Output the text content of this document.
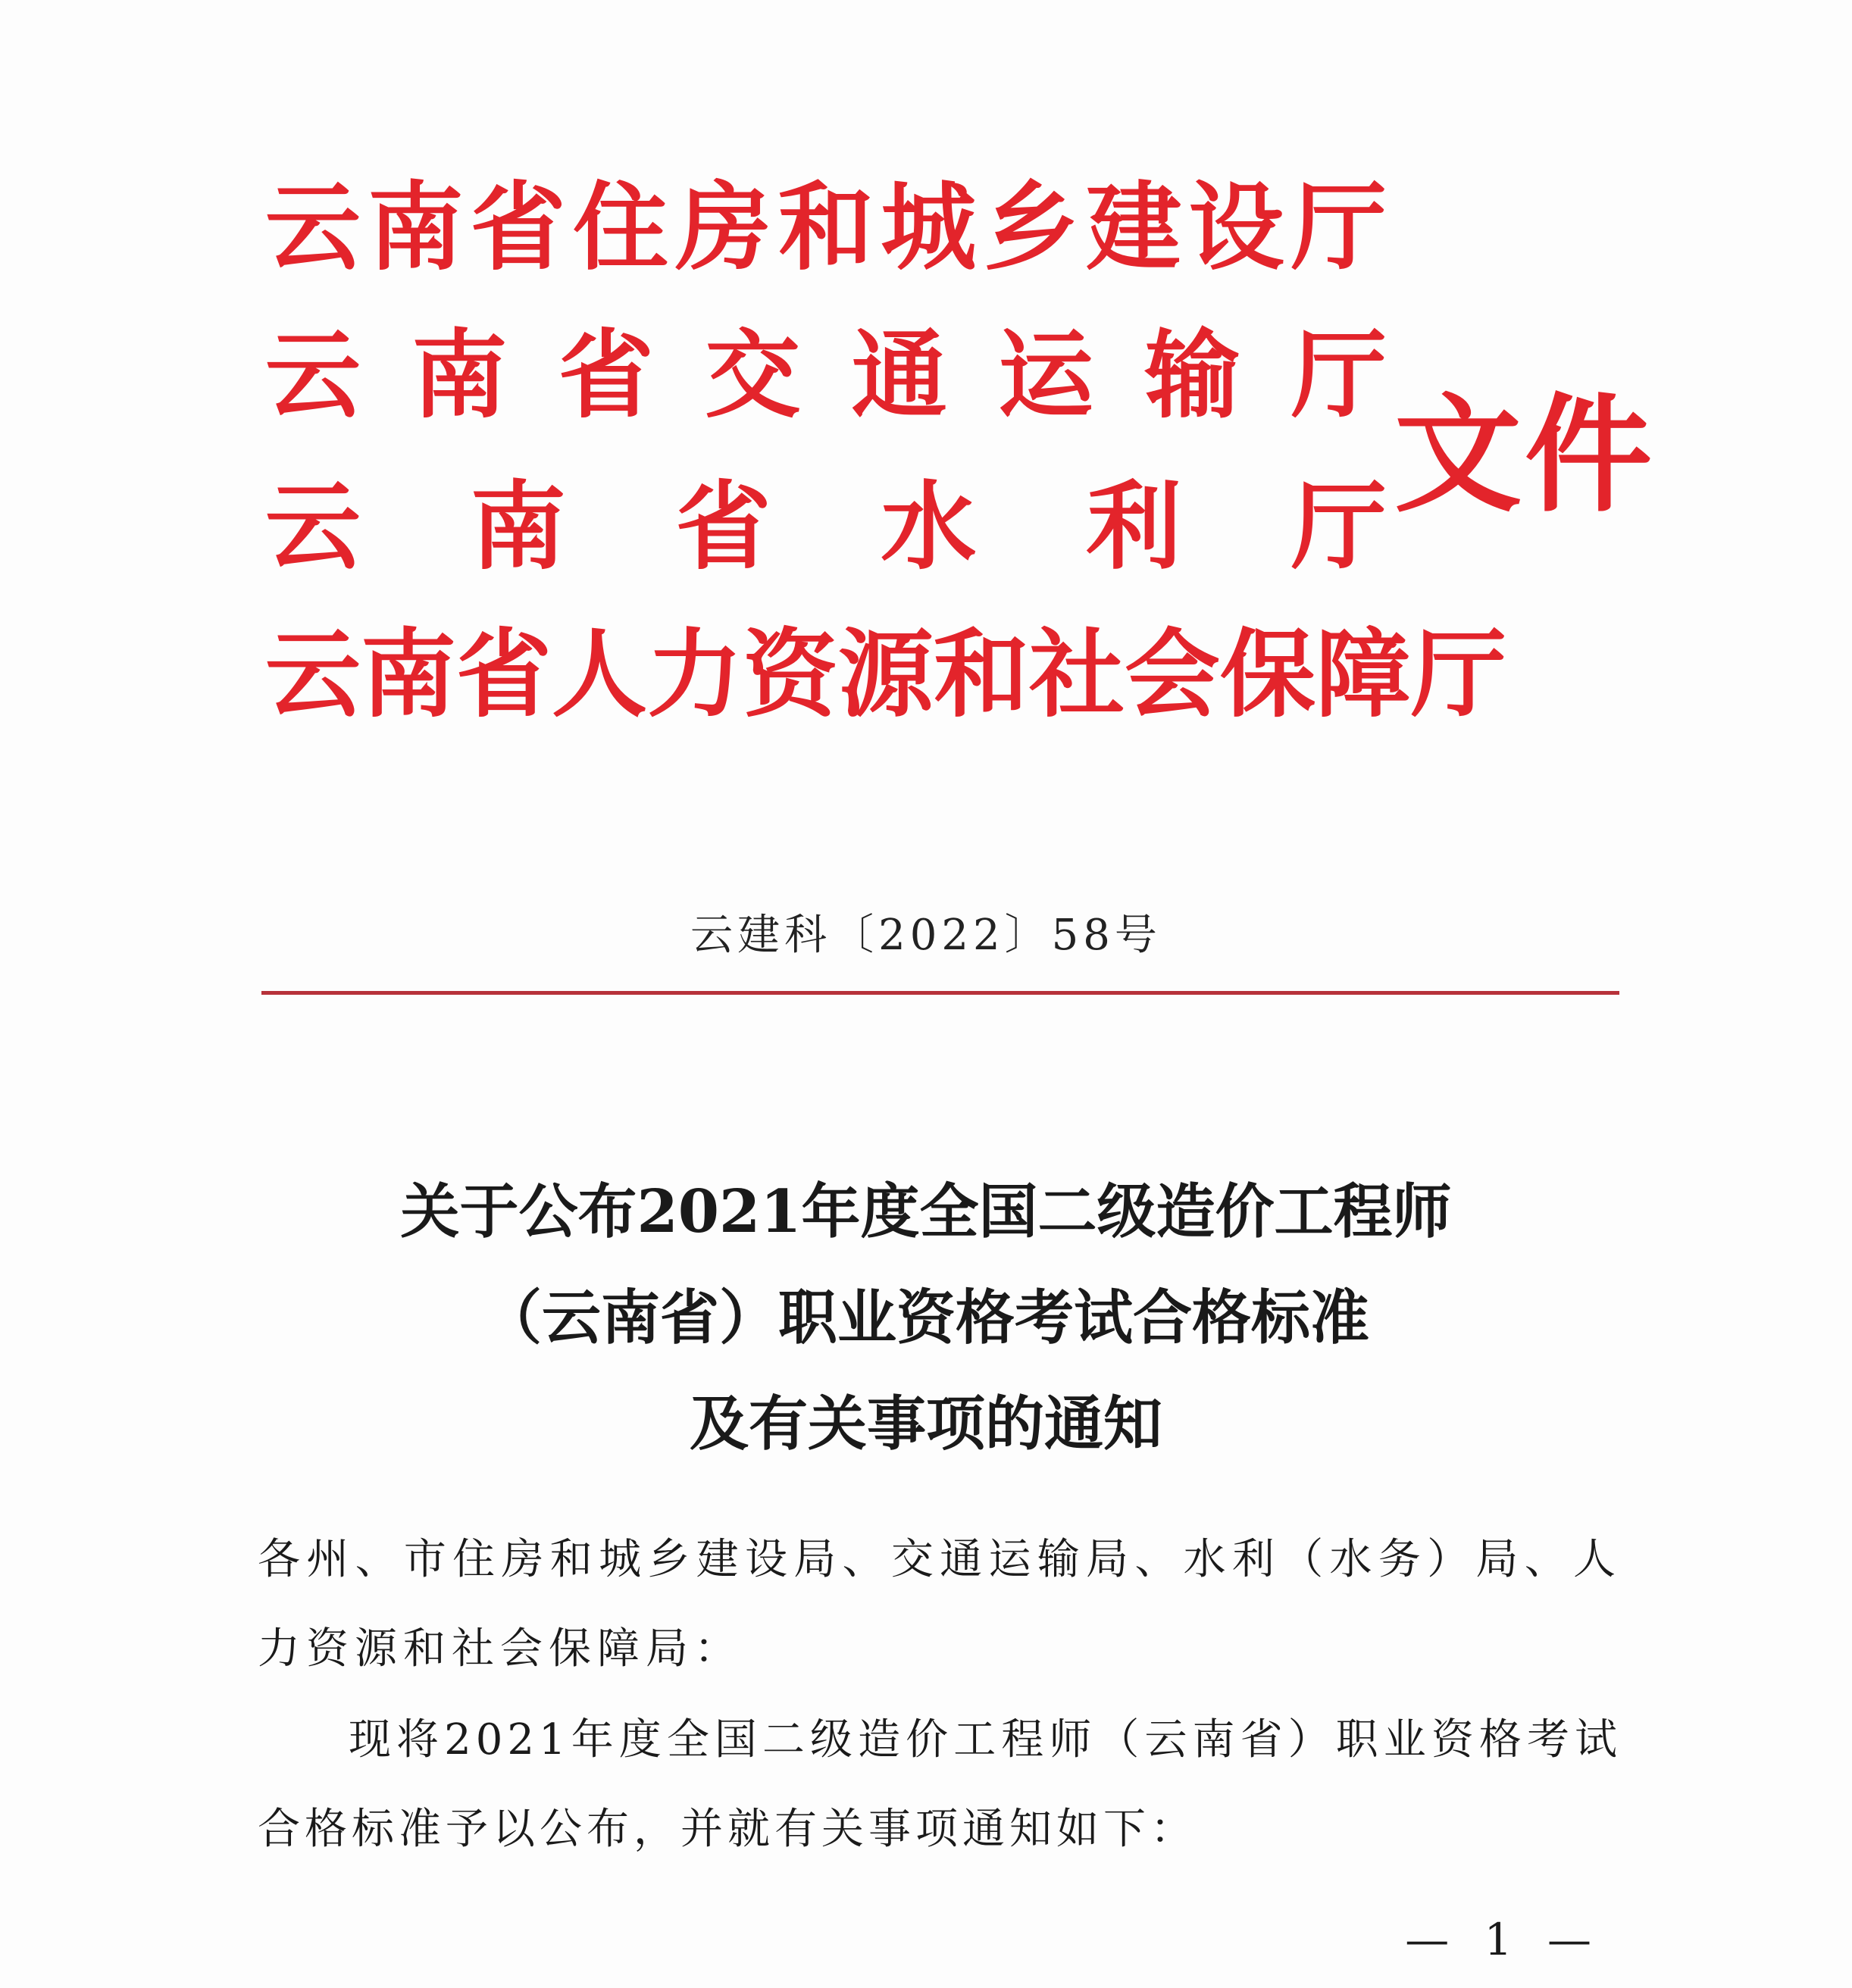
云 南 省 住 房 和 城 乡 建 设 厅
云 南 省 交 通 运 输 厅
云 南 省 水 利 厅
云 南 省 人 力 资 源 和 社 会 保 障 厅
文件
云建科〔2022〕58号
关于公布2021年度全国二级造价工程师
（云南省）职业资格考试合格标准
及有关事项的通知
各州、市住房和城乡建设局、交通运输局、水利（水务）局、人力资源和社会保障局：
现将2021年度全国二级造价工程师（云南省）职业资格考试合格标准予以公布，并就有关事项通知如下：
— 1 —
